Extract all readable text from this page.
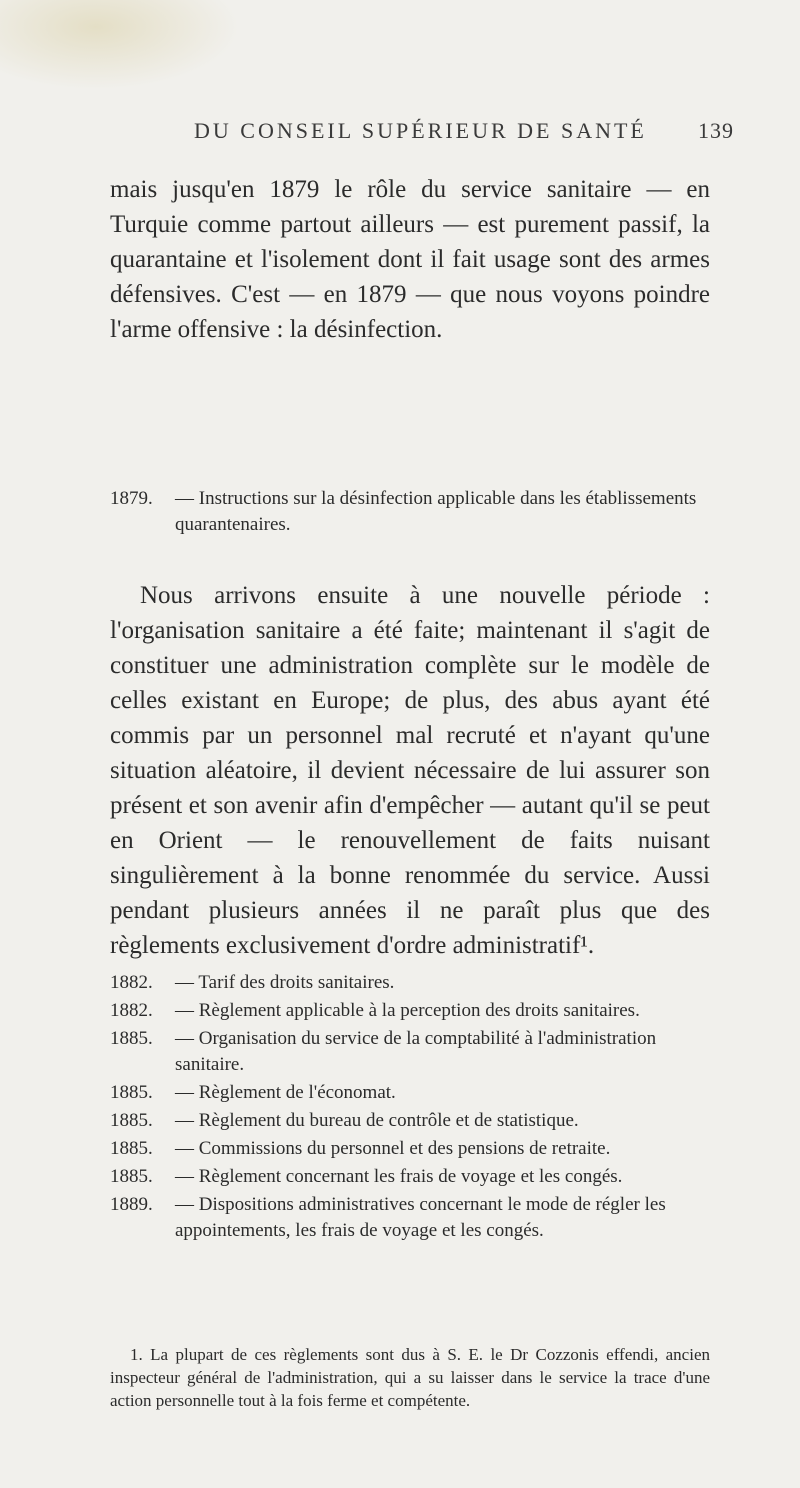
DU CONSEIL SUPÉRIEUR DE SANTÉ 139

mais jusqu'en 1879 le rôle du service sanitaire — en Turquie comme partout ailleurs — est purement passif, la quarantaine et l'isolement dont il fait usage sont des armes défensives. C'est — en 1879 — que nous voyons poindre l'arme offensive : la désinfection.

1879.	— Instructions sur la désinfection applicable dans les établissements quarantenaires.

Nous arrivons ensuite à une nouvelle période : l'organisation sanitaire a été faite; maintenant il s'agit de constituer une administration complète sur le modèle de celles existant en Europe; de plus, des abus ayant été commis par un personnel mal recruté et n'ayant qu'une situation aléatoire, il devient nécessaire de lui assurer son présent et son avenir afin d'empêcher — autant qu'il se peut en Orient — le renouvellement de faits nuisant singulièrement à la bonne renommée du service. Aussi pendant plusieurs années il ne paraît plus que des règlements exclusivement d'ordre administratif¹.

1882.	— Tarif des droits sanitaires.
1882.	— Règlement applicable à la perception des droits sanitaires.
1885.	— Organisation du service de la comptabilité à l'administration sanitaire.
1885.	— Règlement de l'économat.
1885.	— Règlement du bureau de contrôle et de statistique.
1885.	— Commissions du personnel et des pensions de retraite.
1885.	— Règlement concernant les frais de voyage et les congés.
1889.	— Dispositions administratives concernant le mode de régler les appointements, les frais de voyage et les congés.

1. La plupart de ces règlements sont dus à S. E. le Dr Cozzonis effendi, ancien inspecteur général de l'administration, qui a su laisser dans le service la trace d'une action personnelle tout à la fois ferme et compétente.
